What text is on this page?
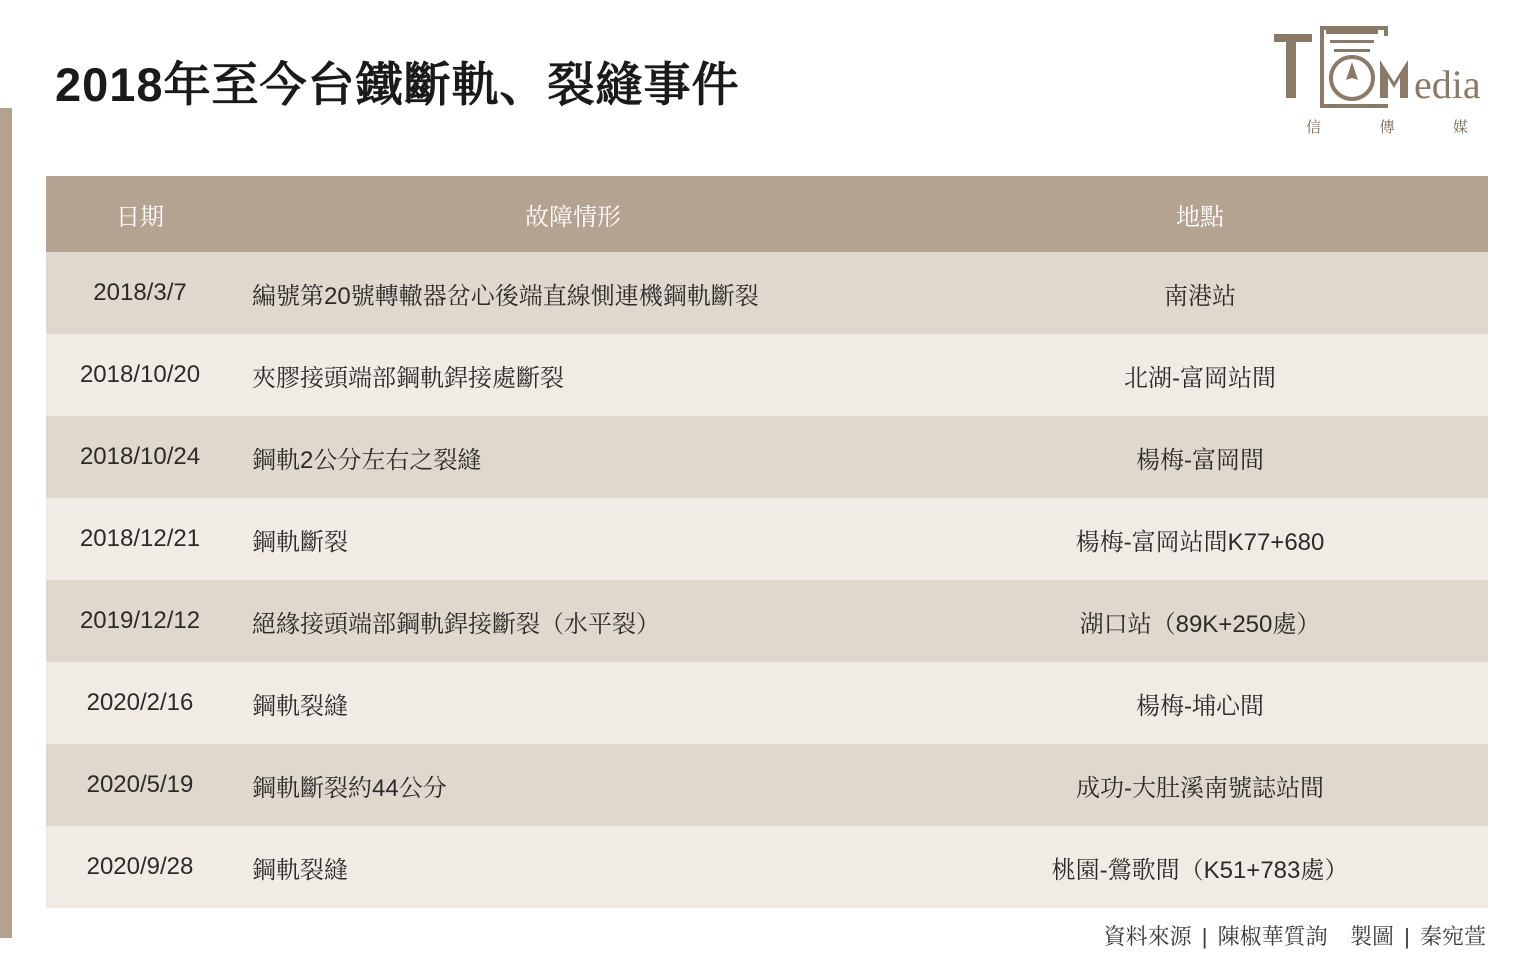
2018年至今台鐵斷軌、裂縫事件	edia
信	傳	媒
日期	故障情形	地點
2018/3/7	編號第20號轉轍器岔心後端直線惻連機鋼軌斷裂	南港站
2018/10/20	夾膠接頭端部鋼軌銲接處斷裂	北湖-富岡站間
2018/10/24	鋼軌2公分左右之裂縫	楊梅-富岡間
2018/12/21	鋼軌斷裂	楊梅-富岡站間K77+680
2019/12/12	絕緣接頭端部鋼軌銲接斷裂（水平裂）	湖口站（89K+250處）
2020/2/16	鋼軌裂縫	楊梅-埔心間
2020/5/19	鋼軌斷裂約44公分	成功-大肚溪南號誌站間
2020/9/28	鋼軌裂縫	桃園-鶯歌間（K51+783處）
資料來源 | 陳椒華質詢 製圖 | 秦宛萱
